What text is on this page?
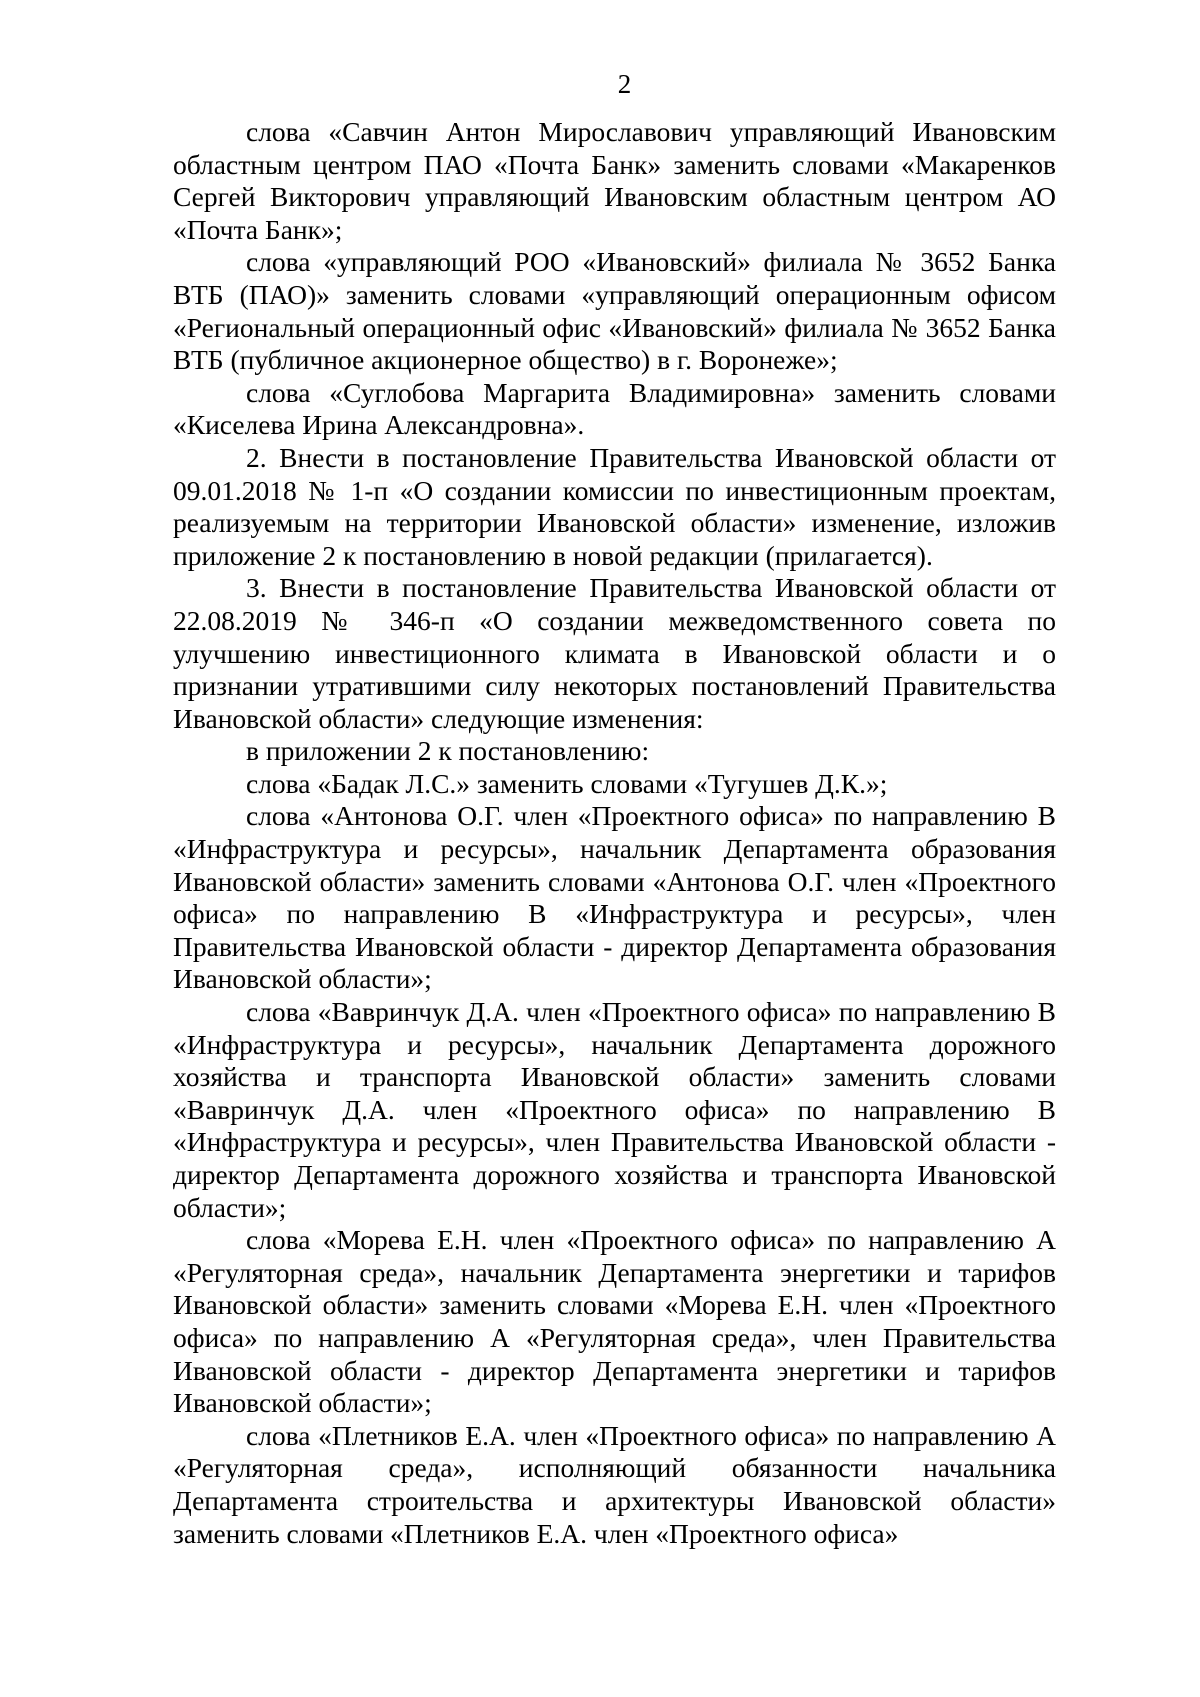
2

слова «Савчин Антон Мирославович управляющий Ивановским областным центром ПАО «Почта Банк» заменить словами «Макаренков Сергей Викторович управляющий Ивановским областным центром АО «Почта Банк»;

слова «управляющий РОО «Ивановский» филиала № 3652 Банка ВТБ (ПАО)» заменить словами «управляющий операционным офисом «Региональный операционный офис «Ивановский» филиала № 3652 Банка ВТБ (публичное акционерное общество) в г. Воронеже»;

слова «Суглобова Маргарита Владимировна» заменить словами «Киселева Ирина Александровна».

2. Внести в постановление Правительства Ивановской области от 09.01.2018 № 1-п «О создании комиссии по инвестиционным проектам, реализуемым на территории Ивановской области» изменение, изложив приложение 2 к постановлению в новой редакции (прилагается).

3. Внести в постановление Правительства Ивановской области от 22.08.2019 № 346-п «О создании межведомственного совета по улучшению инвестиционного климата в Ивановской области и о признании утратившими силу некоторых постановлений Правительства Ивановской области» следующие изменения:

в приложении 2 к постановлению:

слова «Бадак Л.С.» заменить словами «Тугушев Д.К.»;

слова «Антонова О.Г. член «Проектного офиса» по направлению В «Инфраструктура и ресурсы», начальник Департамента образования Ивановской области» заменить словами «Антонова О.Г. член «Проектного офиса» по направлению В «Инфраструктура и ресурсы», член Правительства Ивановской области - директор Департамента образования Ивановской области»;

слова «Вавринчук Д.А. член «Проектного офиса» по направлению В «Инфраструктура и ресурсы», начальник Департамента дорожного хозяйства и транспорта Ивановской области» заменить словами «Вавринчук Д.А. член «Проектного офиса» по направлению В «Инфраструктура и ресурсы», член Правительства Ивановской области - директор Департамента дорожного хозяйства и транспорта Ивановской области»;

слова «Морева Е.Н. член «Проектного офиса» по направлению А «Регуляторная среда», начальник Департамента энергетики и тарифов Ивановской области» заменить словами «Морева Е.Н. член «Проектного офиса» по направлению А «Регуляторная среда», член Правительства Ивановской области - директор Департамента энергетики и тарифов Ивановской области»;

слова «Плетников Е.А. член «Проектного офиса» по направлению А «Регуляторная среда», исполняющий обязанности начальника Департамента строительства и архитектуры Ивановской области» заменить словами «Плетников Е.А. член «Проектного офиса»
